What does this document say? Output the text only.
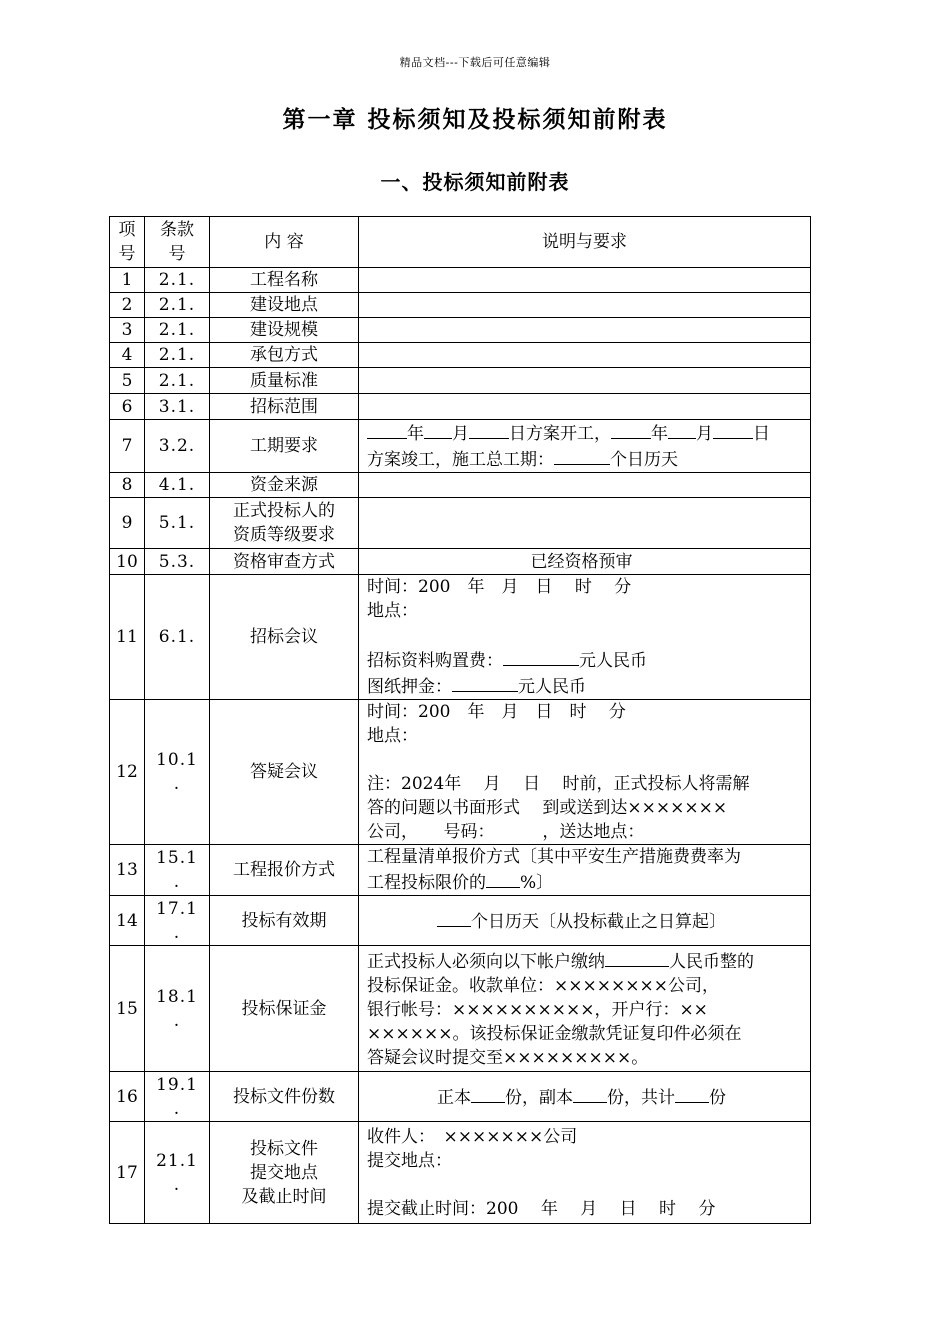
精品文档---下载后可任意编辑
第一章 投标须知及投标须知前附表
一、投标须知前附表
项
号	条款
号	内 容	说明与要求
1	2.1.	工程名称	

2	2.1.	建设地点	

3	2.1.	建设规模	

4	2.1.	承包方式	

5	2.1.	质量标准	

6	3.1.	招标范围	

7	3.2.	工期要求	年 月 日方案开工， 年 月 日
方案竣工，施工总工期： 个日历天

8	4.1.	资金来源	

9	5.1.	正式投标人的
资质等级要求	

10	5.3.	资格审查方式	已经资格预审

11	6.1.	招标会议	时间：200　年　月　日　 时　 分
地点：
招标资料购置费： 元人民币
图纸押金： 元人民币

12	10.1
.	答疑会议	时间：200　年　月　日　时　 分
地点：
注：2024年　 月　 日　 时前，正式投标人将需解
答的问题以书面形式　 到或送到达×××××××
公司，　　号码：　　　 ，送达地点：

13	15.1
.	工程报价方式	工程量清单报价方式〔其中平安生产措施费费率为
工程投标限价的 %〕

14	17.1
.	投标有效期	个日历天〔从投标截止之日算起〕

15	18.1
.	投标保证金	正式投标人必须向以下帐户缴纳 人民币整的
投标保证金。收款单位：××××××××公司，
银行帐号：××××××××××，开户行：××
××××××。该投标保证金缴款凭证复印件必须在
答疑会议时提交至×××××××××。

16	19.1
.	投标文件份数	正本 份，副本 份，共计 份

17	21.1
.	投标文件
提交地点
及截止时间	收件人：　×××××××公司
提交地点：
提交截止时间：200　 年　 月　 日　 时　 分
